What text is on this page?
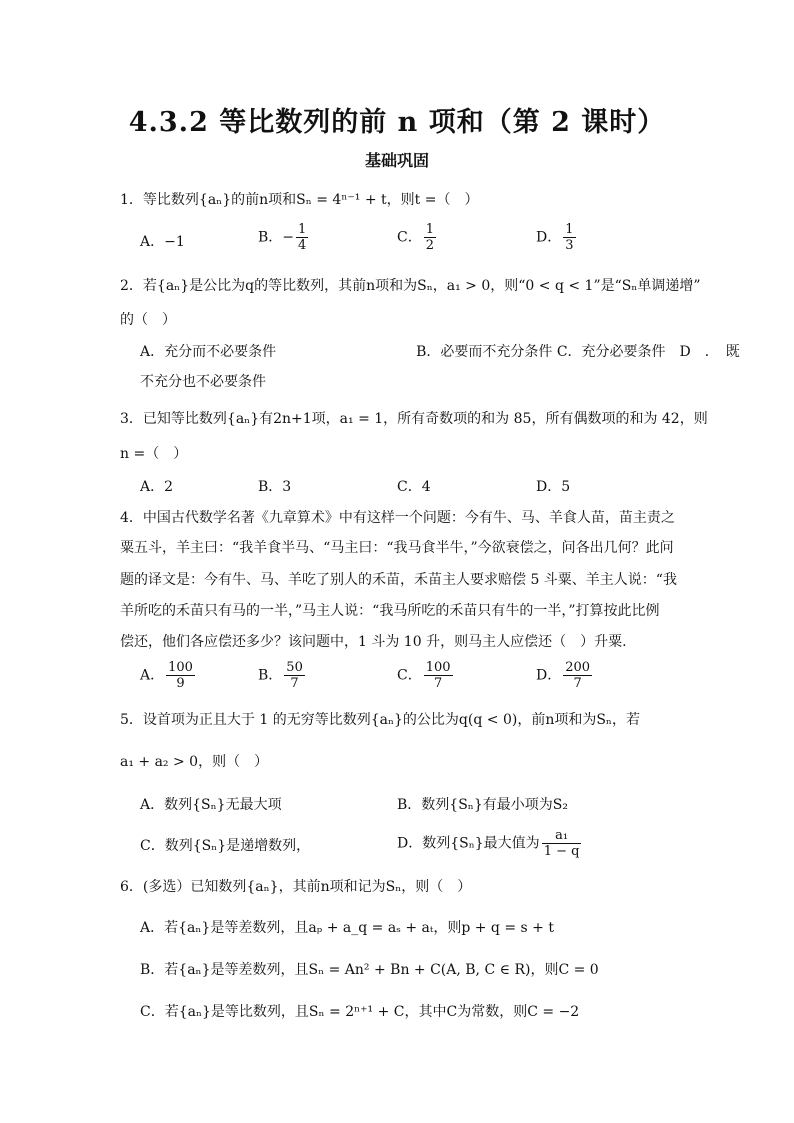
4.3.2 等比数列的前 n 项和（第 2 课时）
基础巩固
1．等比数列{aₙ}的前n项和Sₙ = 4ⁿ⁻¹ + t，则t =（　）
A．−1	B．− $\frac{1}{4}$	C． $\frac{1}{2}$	D． $\frac{1}{3}$
2．若{aₙ}是公比为q的等比数列，其前n项和为Sₙ，a₁ > 0，则“0 < q < 1”是“Sₙ单调递增”
的（　）
A．充分而不必要条件　　　　　　　　　　B．必要而不充分条件 C．充分必要条件　D　．　既
不充分也不必要条件
3．已知等比数列{aₙ}有2n+1项，a₁ = 1，所有奇数项的和为 85，所有偶数项的和为 42，则
n =（　）
A．2	B．3	C．4	D．5
4．中国古代数学名著《九章算术》中有这样一个问题：今有牛、马、羊食人苗，苗主责之
粟五斗，羊主曰：“我羊食半马、“马主曰：“我马食半牛，”今欲衰偿之，问各出几何？此问
题的译文是：今有牛、马、羊吃了别人的禾苗，禾苗主人要求赔偿 5 斗粟、羊主人说：“我
羊所吃的禾苗只有马的一半，”马主人说：“我马所吃的禾苗只有牛的一半，”打算按此比例
偿还，他们各应偿还多少？该问题中，1 斗为 10 升，则马主人应偿还（　）升粟.
A． $\frac{100}{9}$	B． $\frac{50}{7}$	C． $\frac{100}{7}$	D． $\frac{200}{7}$
5．设首项为正且大于 1 的无穷等比数列{aₙ}的公比为q(q < 0)，前n项和为Sₙ，若
a₁ + a₂ > 0，则（　）
A．数列{Sₙ}无最大项	B．数列{Sₙ}有最小项为S₂
C．数列{Sₙ}是递增数列，	D．数列{Sₙ}最大值为 $\frac{\text{a₁}}{1 - q}$
6．(多选）已知数列{aₙ}，其前n项和记为Sₙ，则（　）
A．若{aₙ}是等差数列，且aₚ + a_q = aₛ + aₜ，则p + q = s + t
B．若{aₙ}是等差数列，且Sₙ = An² + Bn + C(A, B, C ∈ R)，则C = 0
C．若{aₙ}是等比数列，且Sₙ = 2ⁿ⁺¹ + C，其中C为常数，则C = −2
